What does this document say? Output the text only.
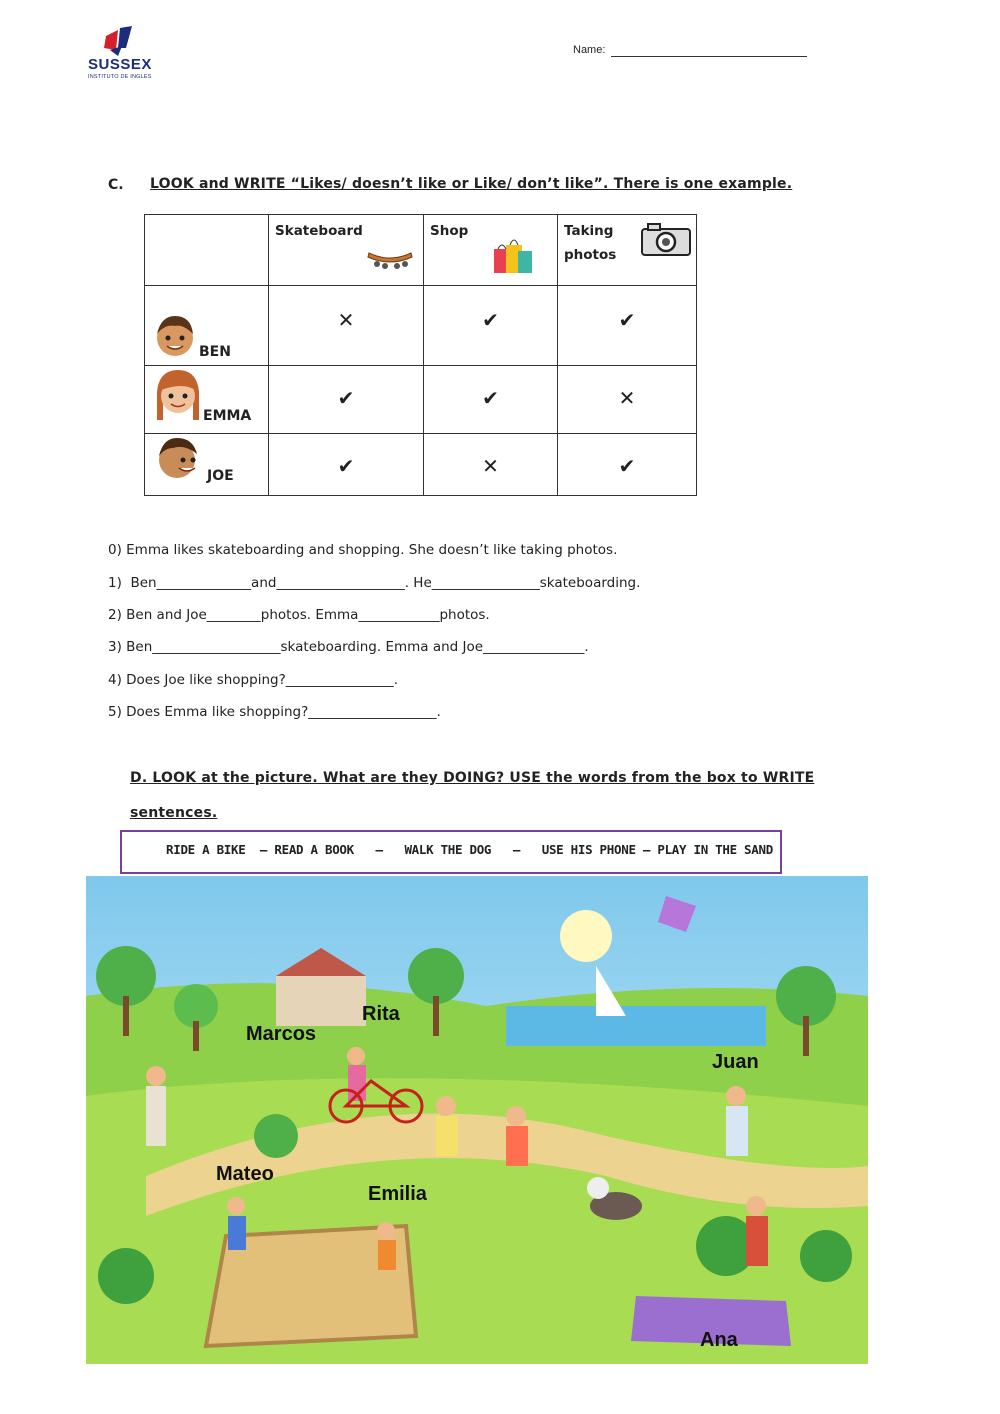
SUSSEX
INSTITUTO DE INGLES
Name:
C. LOOK and WRITE “Likes/ doesn’t like or Like/ don’t like”. There is one example.

	Skateboard	Shop	Taking photos

BEN	✕	✔	✔

EMMA	✔	✔	✕

JOE	✔	✕	✔
0) Emma likes skateboarding and shopping. She doesn’t like taking photos.
1)  Ben______________and___________________. He________________skateboarding.
2) Ben and Joe________photos. Emma____________photos.
3) Ben___________________skateboarding. Emma and Joe_______________.
4) Does Joe like shopping?________________.
5) Does Emma like shopping?___________________.
D. LOOK at the picture. What are they DOING? USE the words from the box to WRITE
sentences.
RIDE A BIKE  – READ A BOOK   –   WALK THE DOG   –   USE HIS PHONE – PLAY IN THE SAND
Marcos
Rita
Juan
Mateo
Emilia
Ana
